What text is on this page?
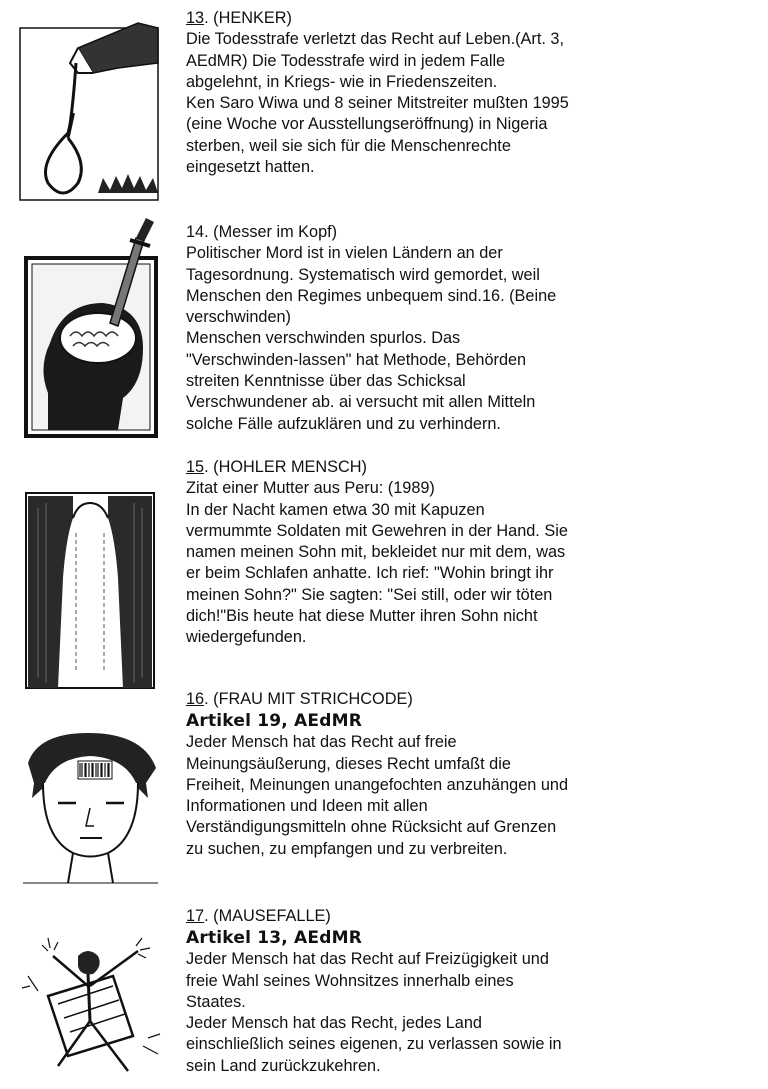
13. (HENKER)

Die Todesstrafe verletzt das Recht auf Leben.(Art. 3,

AEdMR) Die Todesstrafe wird in jedem Falle

abgelehnt, in Kriegs- wie in Friedenszeiten.

Ken Saro Wiwa und 8 seiner Mitstreiter mußten 1995

(eine Woche vor Ausstellungseröffnung) in Nigeria

sterben, weil sie sich für die Menschenrechte

eingesetzt hatten.

14. (Messer im Kopf)

Politischer Mord ist in vielen Ländern an der

Tagesordnung. Systematisch wird gemordet, weil

Menschen den Regimes unbequem sind.16. (Beine

verschwinden)

Menschen verschwinden spurlos. Das

"Verschwinden-lassen" hat Methode, Behörden

streiten Kenntnisse über das Schicksal

Verschwundener ab. ai versucht mit allen Mitteln

solche Fälle aufzuklären und zu verhindern.

15. (HOHLER MENSCH)

Zitat einer Mutter aus Peru: (1989)

In der Nacht kamen etwa 30 mit Kapuzen

vermummte Soldaten mit Gewehren in der Hand. Sie

namen meinen Sohn mit, bekleidet nur mit dem, was

er beim Schlafen anhatte. Ich rief: "Wohin bringt ihr

meinen Sohn?" Sie sagten: "Sei still, oder wir töten

dich!"Bis heute hat diese Mutter ihren Sohn nicht

wiedergefunden.

16. (FRAU MIT STRICHCODE)

Artikel 19, AEdMR

Jeder Mensch hat das Recht auf freie

Meinungsäußerung, dieses Recht umfaßt die

Freiheit, Meinungen unangefochten anzuhängen und

Informationen und Ideen mit allen

Verständigungsmitteln ohne Rücksicht auf Grenzen

zu suchen, zu empfangen und zu verbreiten.

17. (MAUSEFALLE)

Artikel 13, AEdMR

Jeder Mensch hat das Recht auf Freizügigkeit und

freie Wahl seines Wohnsitzes innerhalb eines

Staates.

Jeder Mensch hat das Recht, jedes Land

einschließlich seines eigenen, zu verlassen sowie in

sein Land zurückzukehren.
